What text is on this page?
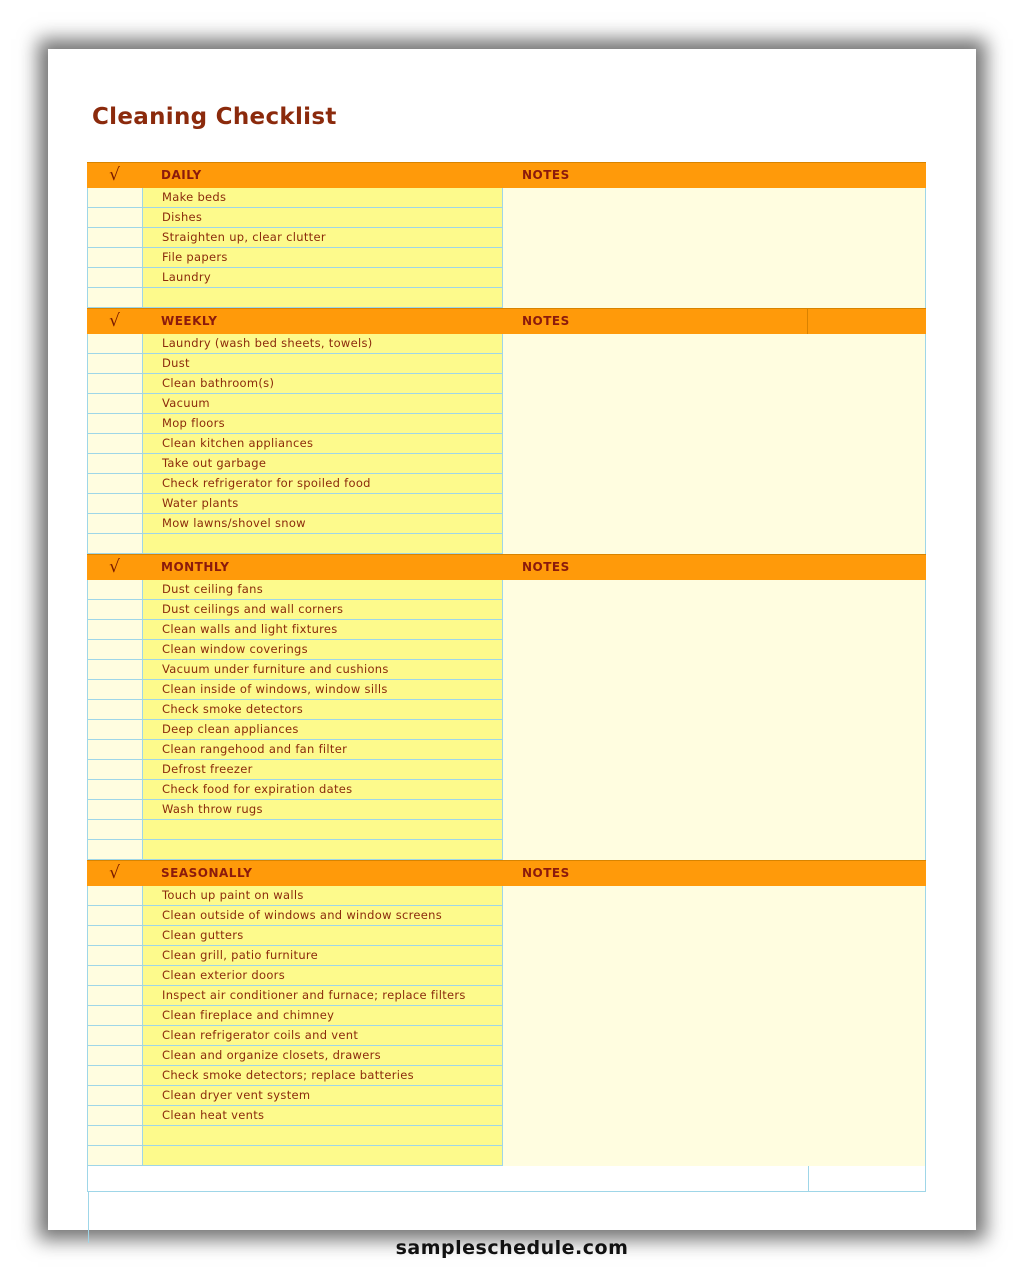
Cleaning Checklist
√	DAILY	NOTES
Make beds
Dishes
Straighten up, clear clutter
File papers
Laundry
√	WEEKLY	NOTES
Laundry (wash bed sheets, towels)
Dust
Clean bathroom(s)
Vacuum
Mop floors
Clean kitchen appliances
Take out garbage
Check refrigerator for spoiled food
Water plants
Mow lawns/shovel snow
√	MONTHLY	NOTES
Dust ceiling fans
Dust ceilings and wall corners
Clean walls and light fixtures
Clean window coverings
Vacuum under furniture and cushions
Clean inside of windows, window sills
Check smoke detectors
Deep clean appliances
Clean rangehood and fan filter
Defrost freezer
Check food for expiration dates
Wash throw rugs
√	SEASONALLY	NOTES
Touch up paint on walls
Clean outside of windows and window screens
Clean gutters
Clean grill, patio furniture
Clean exterior doors
Inspect air conditioner and furnace; replace filters
Clean fireplace and chimney
Clean refrigerator coils and vent
Clean and organize closets, drawers
Check smoke detectors; replace batteries
Clean dryer vent system
Clean heat vents
sampleschedule.com
